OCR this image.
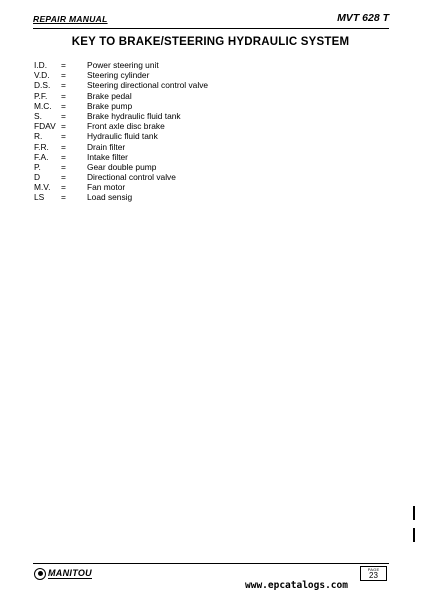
REPAIR MANUAL	MVT 628 T
KEY TO BRAKE/STEERING HYDRAULIC SYSTEM
I.D. =	Power steering unit
V.D. =	Steering cylinder
D.S. =	Steering directional control valve
P.F. =	Brake pedal
M.C. =	Brake pump
S. =	Brake hydraulic fluid tank
FDAV =	Front axle disc brake
R. =	Hydraulic fluid tank
F.R. =	Drain filter
F.A. =	Intake filter
P. =	Gear double pump
D =	Directional control valve
M.V. =	Fan motor
LS =	Load sensig
MANITOU
www.epcatalogs.com
PAGE
23
